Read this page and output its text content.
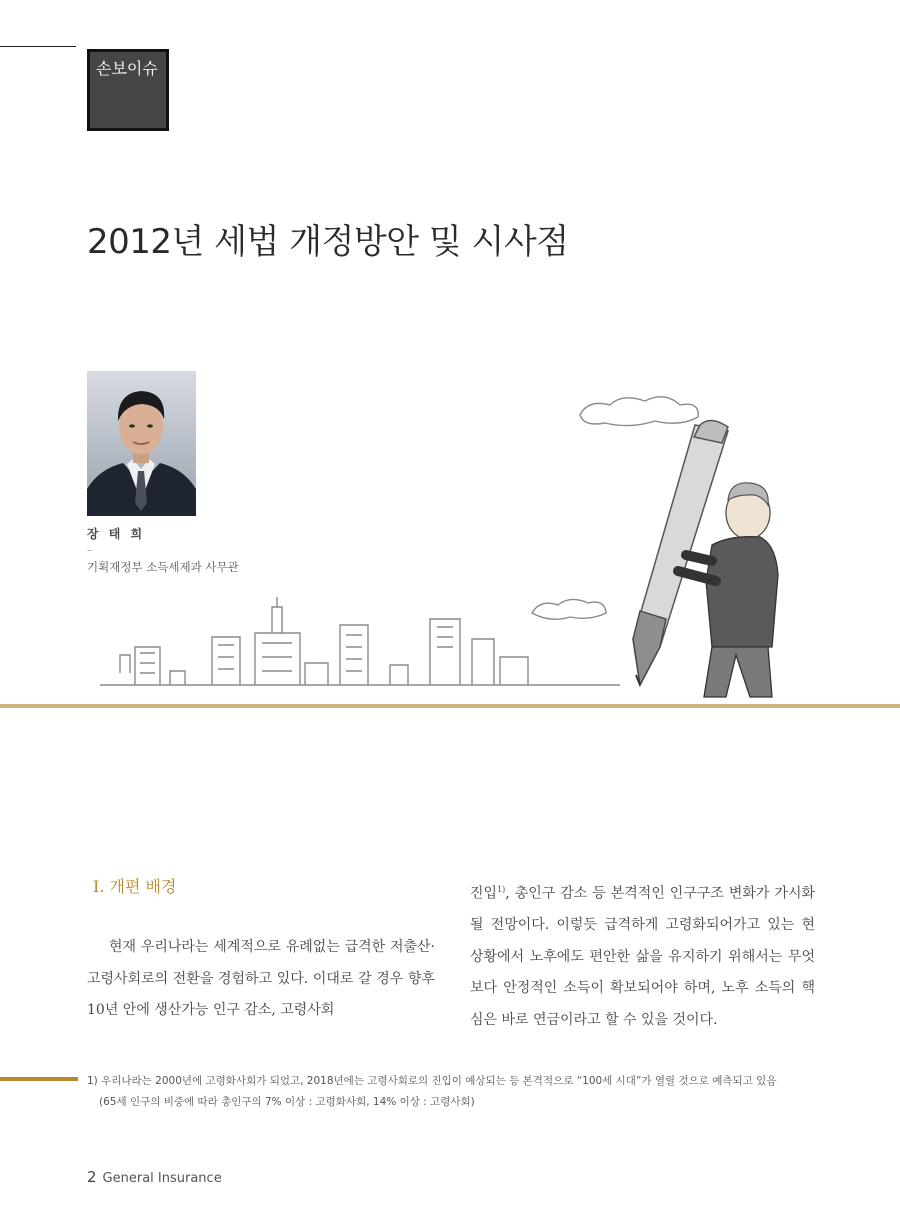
손보이슈
2012년 세법 개정방안 및 시사점
장 태 희
–
기획재정부 소득세제과 사무관
Ⅰ. 개편 배경

현재 우리나라는 세계적으로 유례없는 급격한 저출산·고령사회로의 전환을 경험하고 있다. 이대로 갈 경우 향후 10년 안에 생산가능 인구 감소, 고령사회

진입$^{1)}$, 총인구 감소 등 본격적인 인구구조 변화가 가시화될 전망이다. 이렇듯 급격하게 고령화되어가고 있는 현 상황에서 노후에도 편안한 삶을 유지하기 위해서는 무엇보다 안정적인 소득이 확보되어야 하며, 노후 소득의 핵심은 바로 연금이라고 할 수 있을 것이다.

1) 우리나라는 2000년에 고령화사회가 되었고, 2018년에는 고령사회로의 진입이 예상되는 등 본격적으로 “100세 시대”가 열릴 것으로 예측되고 있음
(65세 인구의 비중에 따라 총인구의 7% 이상 : 고령화사회, 14% 이상 : 고령사회)
2 General Insurance
